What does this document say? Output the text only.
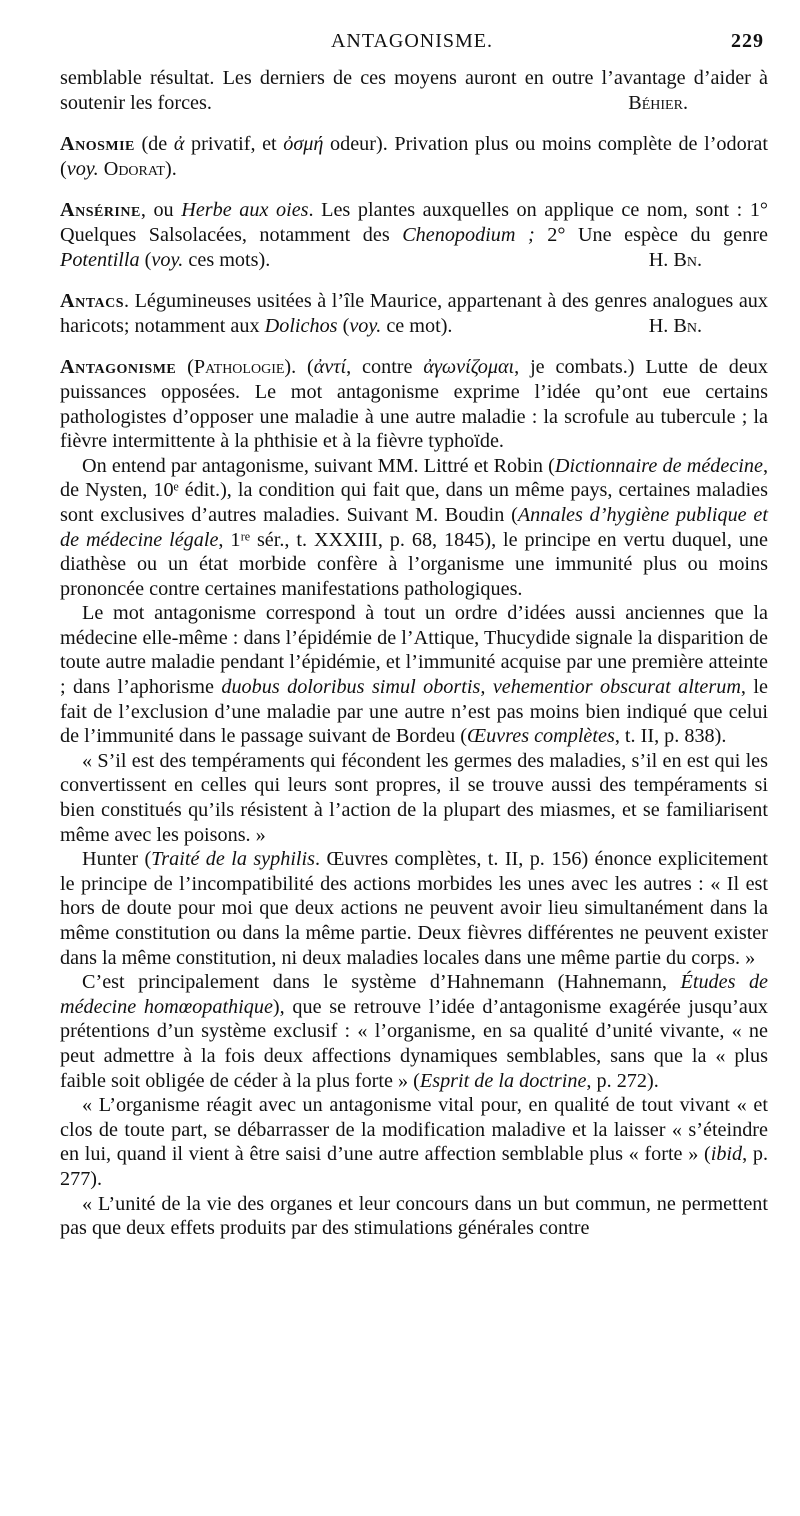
ANTAGONISME.	229

semblable résultat. Les derniers de ces moyens auront en outre l’avantage d’aider à soutenir les forces.	Béhier.

Anosmie (de ἀ privatif, et ὀσμή odeur). Privation plus ou moins complète de l’odorat (voy. Odorat).

Ansérine, ou Herbe aux oies. Les plantes auxquelles on applique ce nom, sont : 1° Quelques Salsolacées, notamment des Chenopodium ; 2° Une espèce du genre Potentilla (voy. ces mots).	H. Bn.

Antacs. Légumineuses usitées à l’île Maurice, appartenant à des genres analogues aux haricots; notamment aux Dolichos (voy. ce mot).	H. Bn.

Antagonisme (Pathologie). (ἀντί, contre ἀγωνίζομαι, je combats.) Lutte de deux puissances opposées. Le mot antagonisme exprime l’idée qu’ont eue certains pathologistes d’opposer une maladie à une autre maladie : la scrofule au tubercule ; la fièvre intermittente à la phthisie et à la fièvre typhoïde.

On entend par antagonisme, suivant MM. Littré et Robin (Dictionnaire de médecine, de Nysten, 10ᵉ édit.), la condition qui fait que, dans un même pays, certaines maladies sont exclusives d’autres maladies. Suivant M. Boudin (Annales d’hygiène publique et de médecine légale, 1ʳᵉ sér., t. XXXIII, p. 68, 1845), le principe en vertu duquel, une diathèse ou un état morbide confère à l’organisme une immunité plus ou moins prononcée contre certaines manifestations pathologiques.

Le mot antagonisme correspond à tout un ordre d’idées aussi anciennes que la médecine elle-même : dans l’épidémie de l’Attique, Thucydide signale la disparition de toute autre maladie pendant l’épidémie, et l’immunité acquise par une première atteinte ; dans l’aphorisme duobus doloribus simul obortis, vehementior obscurat alterum, le fait de l’exclusion d’une maladie par une autre n’est pas moins bien indiqué que celui de l’immunité dans le passage suivant de Bordeu (Œuvres complètes, t. II, p. 838).

« S’il est des tempéraments qui fécondent les germes des maladies, s’il en est qui les convertissent en celles qui leurs sont propres, il se trouve aussi des tempéraments si bien constitués qu’ils résistent à l’action de la plupart des miasmes, et se familiarisent même avec les poisons. »

Hunter (Traité de la syphilis. Œuvres complètes, t. II, p. 156) énonce explicitement le principe de l’incompatibilité des actions morbides les unes avec les autres : « Il est hors de doute pour moi que deux actions ne peuvent avoir lieu simultanément dans la même constitution ou dans la même partie. Deux fièvres différentes ne peuvent exister dans la même constitution, ni deux maladies locales dans une même partie du corps. »

C’est principalement dans le système d’Hahnemann (Hahnemann, Études de médecine homœopathique), que se retrouve l’idée d’antagonisme exagérée jusqu’aux prétentions d’un système exclusif : « l’organisme, en sa qualité d’unité vivante, « ne peut admettre à la fois deux affections dynamiques semblables, sans que la « plus faible soit obligée de céder à la plus forte » (Esprit de la doctrine, p. 272).

« L’organisme réagit avec un antagonisme vital pour, en qualité de tout vivant « et clos de toute part, se débarrasser de la modification maladive et la laisser « s’éteindre en lui, quand il vient à être saisi d’une autre affection semblable plus « forte » (ibid, p. 277).

« L’unité de la vie des organes et leur concours dans un but commun, ne permettent pas que deux effets produits par des stimulations générales contre
